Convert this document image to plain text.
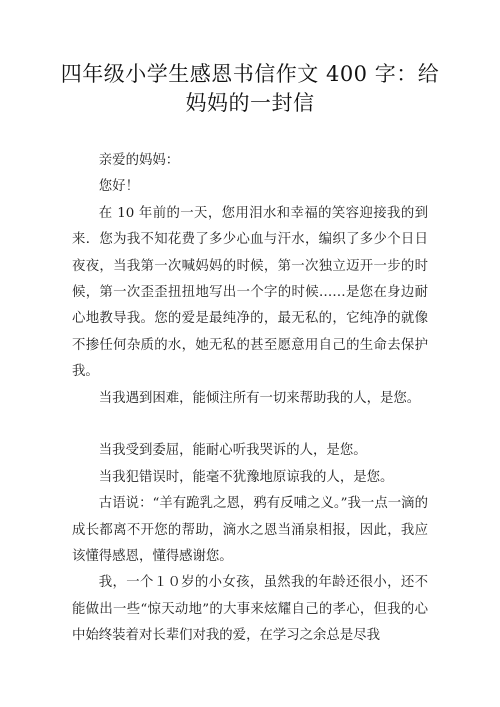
四年级小学生感恩书信作文 400 字：给妈妈的一封信

亲爱的妈妈：

您好！

在 10 年前的一天，您用泪水和幸福的笑容迎接我的到来．您为我不知花费了多少心血与汗水，编织了多少个日日夜夜，当我第一次喊妈妈的时候，第一次独立迈开一步的时候，第一次歪歪扭扭地写出一个字的时候……是您在身边耐心地教导我。您的爱是最纯净的，最无私的，它纯净的就像不掺任何杂质的水，她无私的甚至愿意用自己的生命去保护我。

当我遇到困难，能倾注所有一切来帮助我的人，是您。

当我受到委屈，能耐心听我哭诉的人，是您。

当我犯错误时，能毫不犹豫地原谅我的人，是您。

古语说：“羊有跪乳之恩，鸦有反哺之义。”我一点一滴的成长都离不开您的帮助，滴水之恩当涌泉相报，因此，我应该懂得感恩，懂得感谢您。

我，一个１０岁的小女孩，虽然我的年龄还很小，还不能做出一些“惊天动地”的大事来炫耀自己的孝心，但我的心中始终装着对长辈们对我的爱，在学习之余总是尽我
